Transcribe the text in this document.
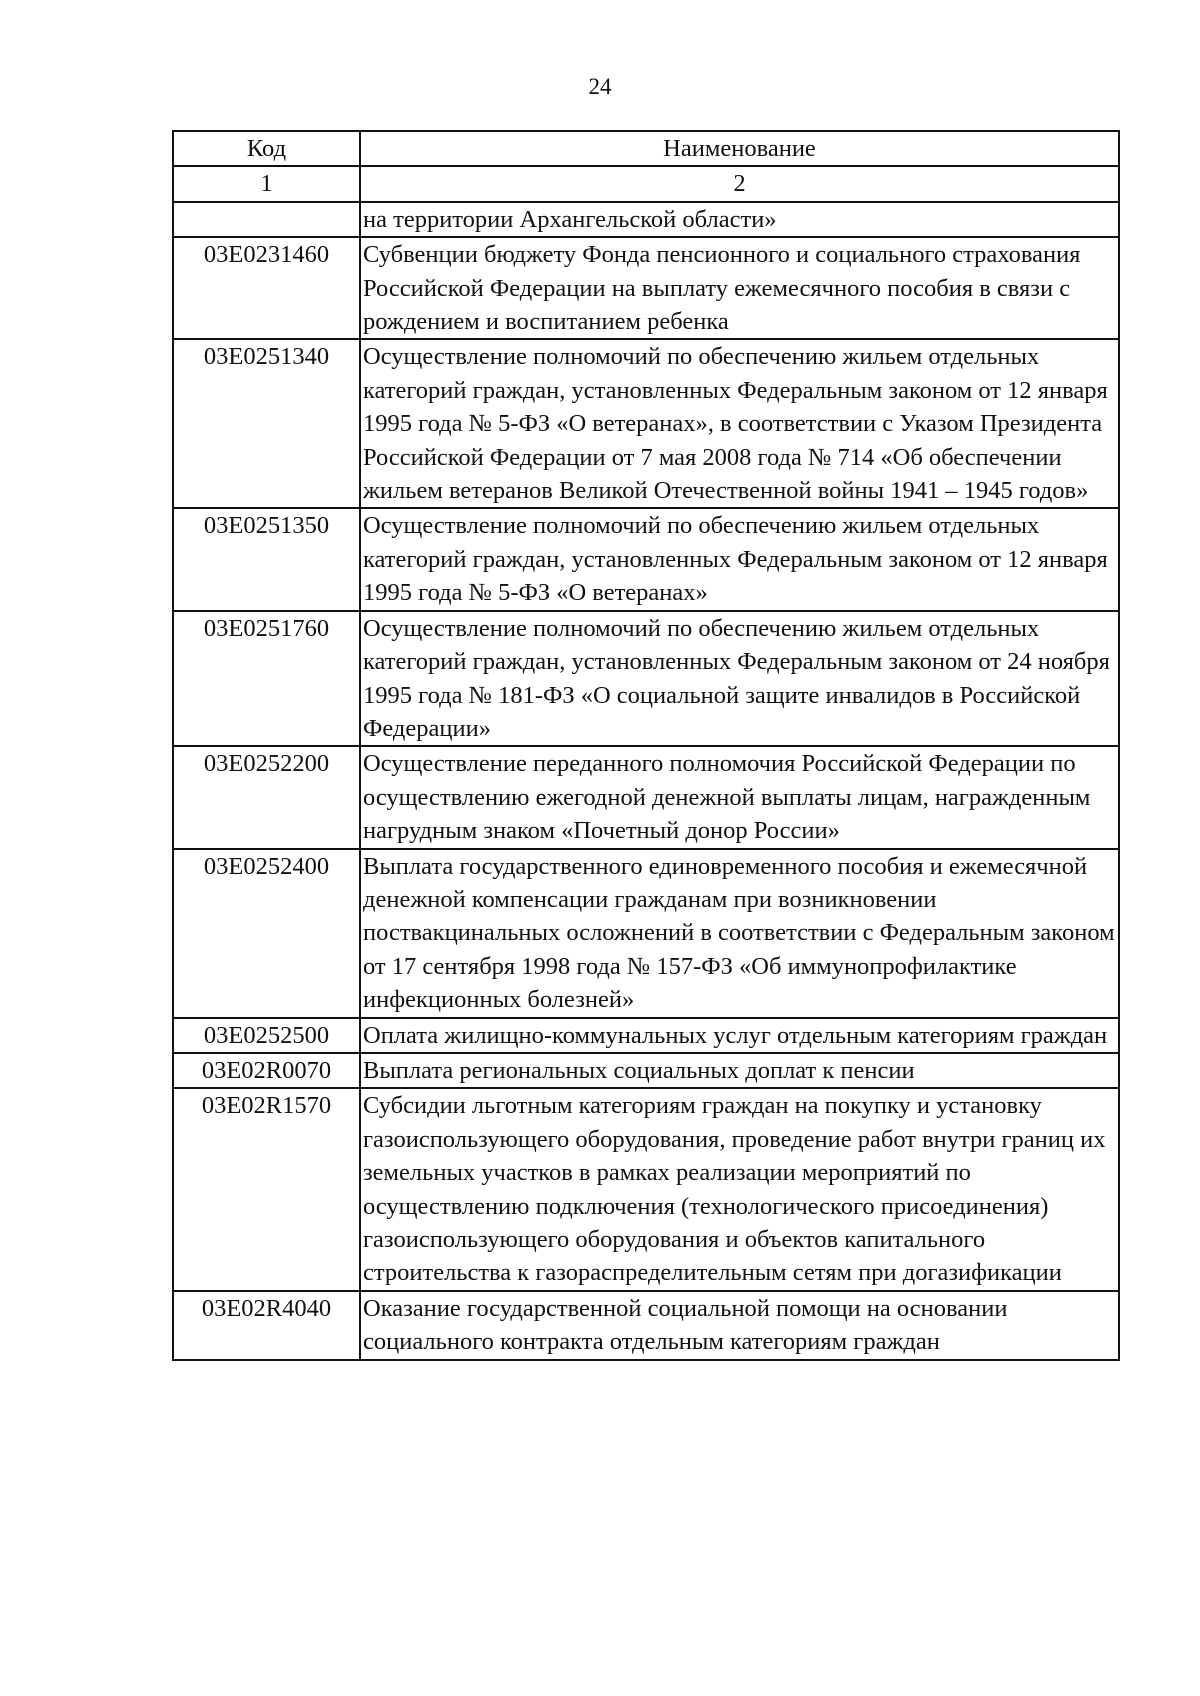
24
Код	Наименование
1	2
	на территории Архангельской области»
03Е0231460	Субвенции бюджету Фонда пенсионного и социального страхования Российской Федерации на выплату ежемесячного пособия в связи с рождением и воспитанием ребенка
03Е0251340	Осуществление полномочий по обеспечению жильем отдельных категорий граждан, установленных Федеральным законом от 12 января 1995 года № 5-ФЗ «О ветеранах», в соответствии с Указом Президента Российской Федерации от 7 мая 2008 года № 714 «Об обеспечении жильем ветеранов Великой Отечественной войны 1941 – 1945 годов»
03Е0251350	Осуществление полномочий по обеспечению жильем отдельных категорий граждан, установленных Федеральным законом от 12 января 1995 года № 5-ФЗ «О ветеранах»
03Е0251760	Осуществление полномочий по обеспечению жильем отдельных категорий граждан, установленных Федеральным законом от 24 ноября 1995 года № 181-ФЗ «О социальной защите инвалидов в Российской Федерации»
03Е0252200	Осуществление переданного полномочия Российской Федерации по осуществлению ежегодной денежной выплаты лицам, награжденным нагрудным знаком «Почетный донор России»
03Е0252400	Выплата государственного единовременного пособия и ежемесячной денежной компенсации гражданам при возникновении поствакцинальных осложнений в соответствии с Федеральным законом от 17 сентября 1998 года № 157-ФЗ «Об иммунопрофилактике инфекционных болезней»
03Е0252500	Оплата жилищно-коммунальных услуг отдельным категориям граждан
03Е02R0070	Выплата региональных социальных доплат к пенсии
03Е02R1570	Субсидии льготным категориям граждан на покупку и установку газоиспользующего оборудования, проведение работ внутри границ их земельных участков в рамках реализации мероприятий по осуществлению подключения (технологического присоединения) газоиспользующего оборудования и объектов капитального строительства к газораспределительным сетям при догазификации
03Е02R4040	Оказание государственной социальной помощи на основании социального контракта отдельным категориям граждан
